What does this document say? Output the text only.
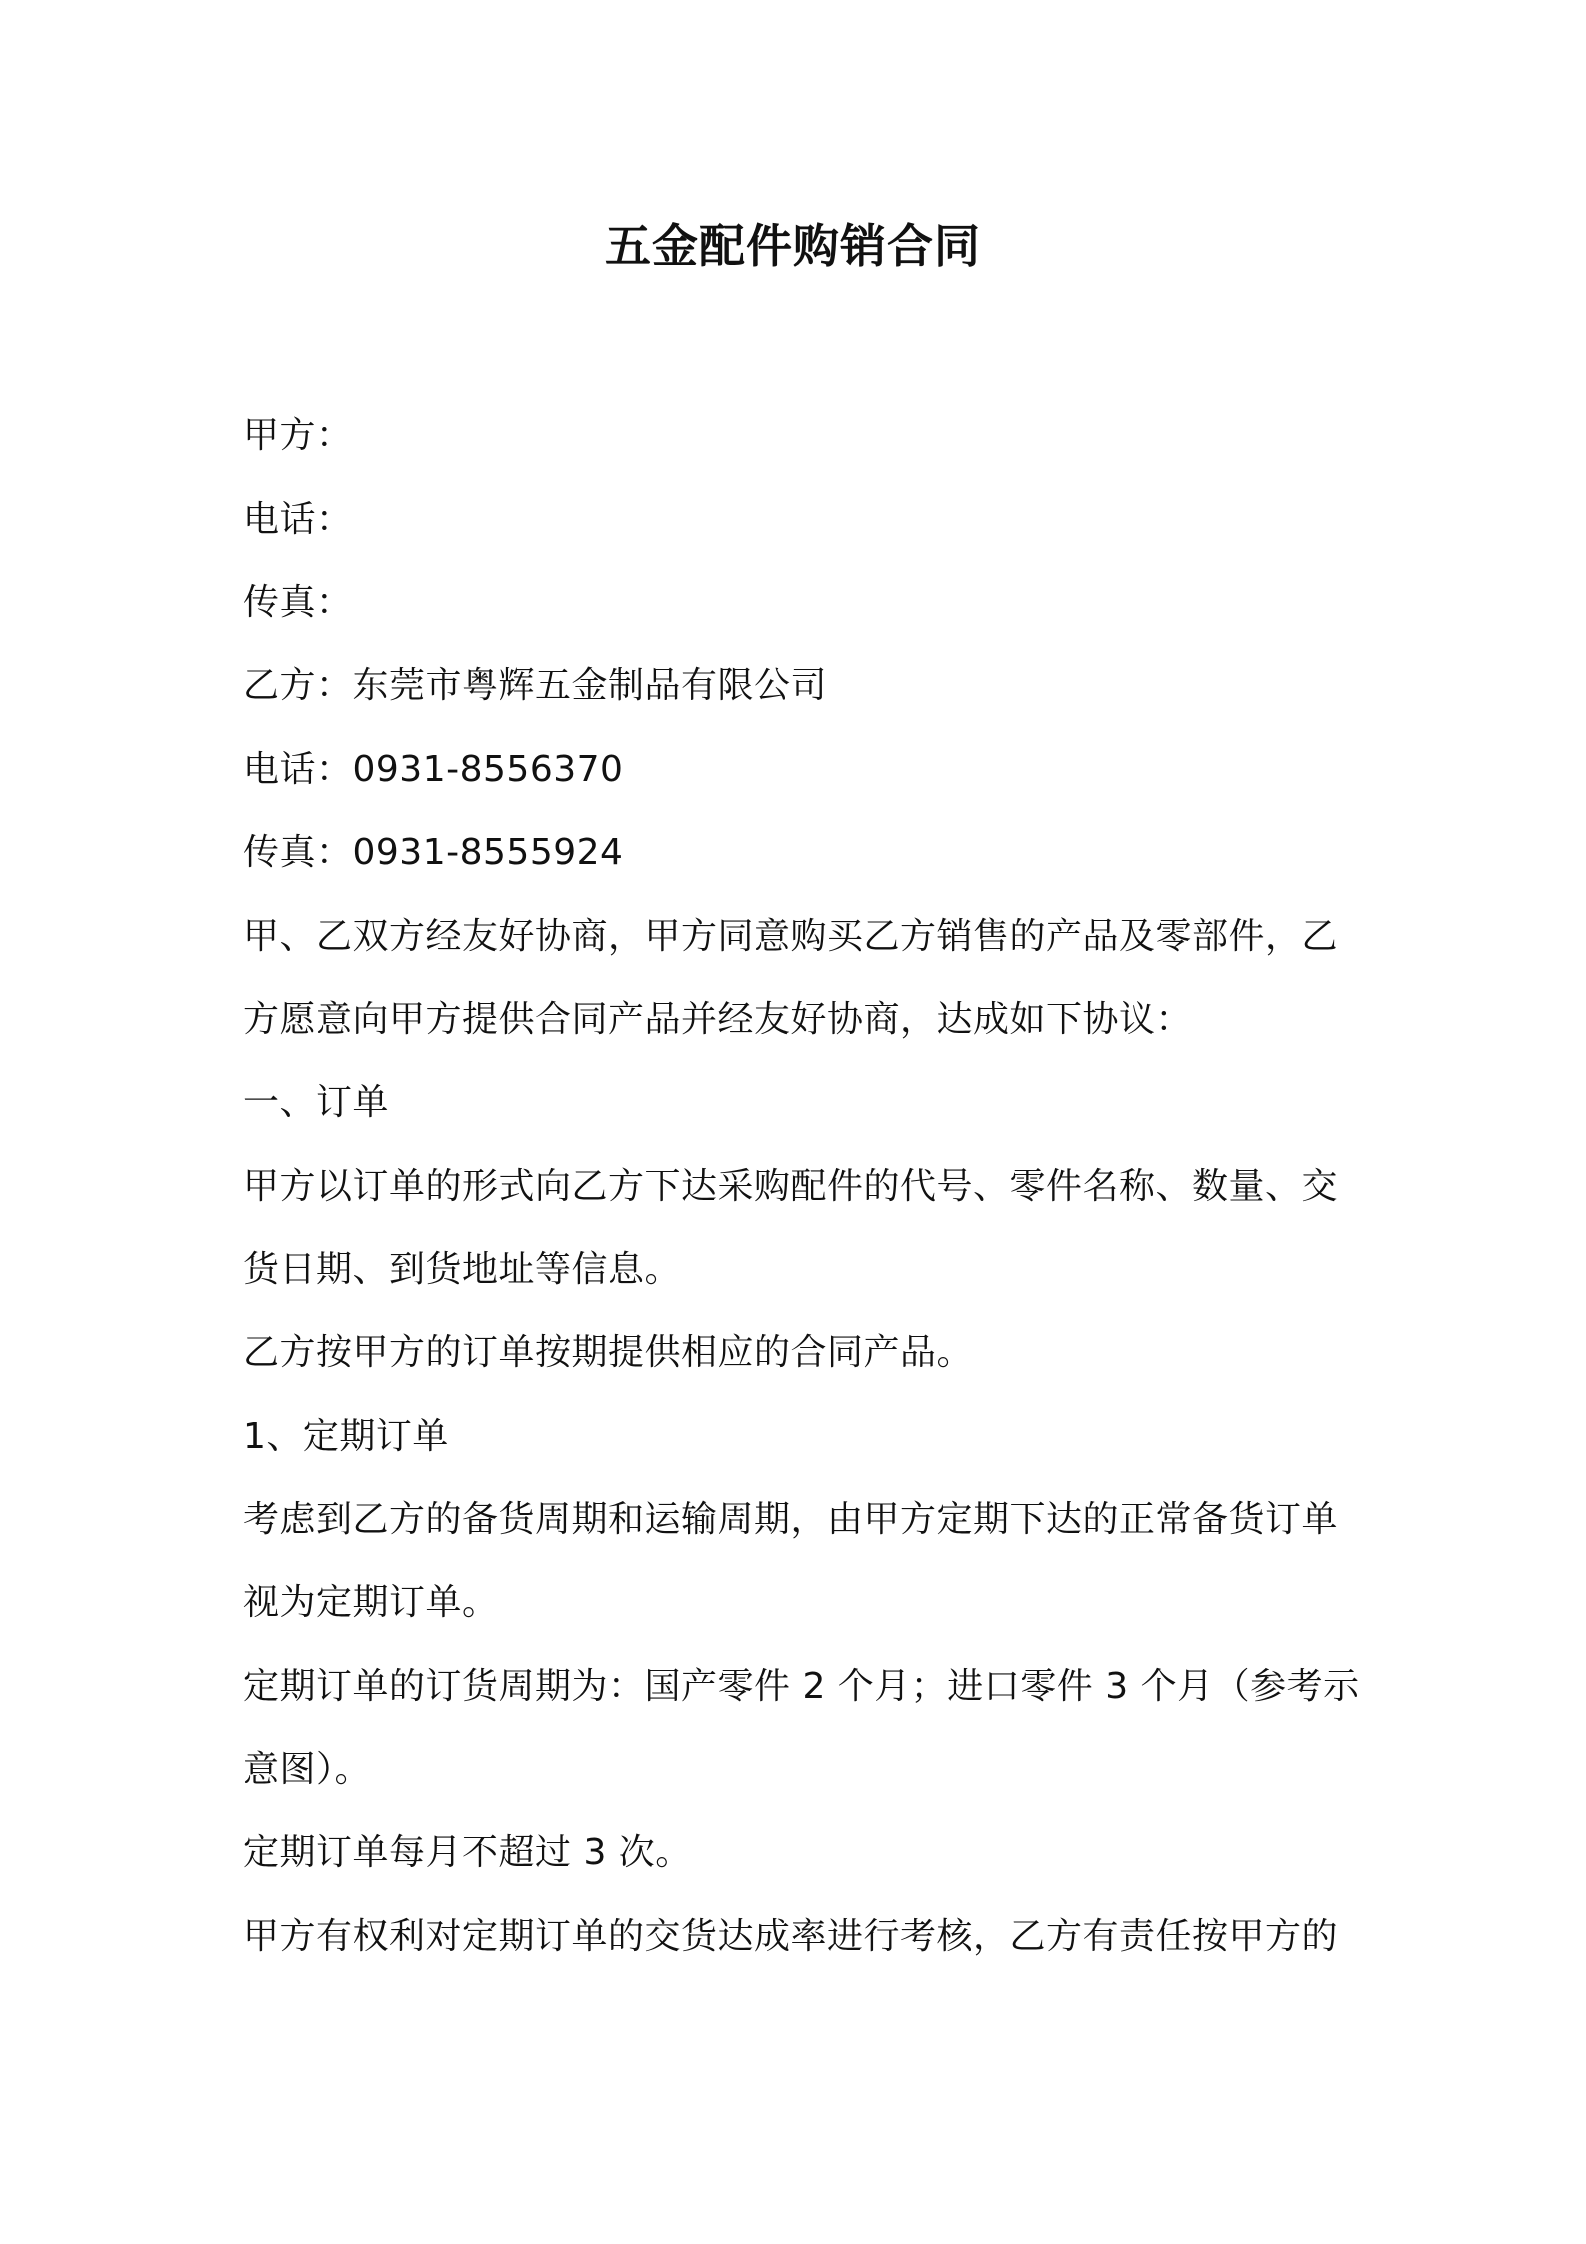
五金配件购销合同
甲方：
电话：
传真：
乙方：东莞市粤辉五金制品有限公司
电话：0931-8556370
传真：0931-8555924
甲、乙双方经友好协商，甲方同意购买乙方销售的产品及零部件，乙
方愿意向甲方提供合同产品并经友好协商，达成如下协议：
一、订单
甲方以订单的形式向乙方下达采购配件的代号、零件名称、数量、交
货日期、到货地址等信息。
乙方按甲方的订单按期提供相应的合同产品。
1、定期订单
考虑到乙方的备货周期和运输周期，由甲方定期下达的正常备货订单
视为定期订单。
定期订单的订货周期为：国产零件 2 个月；进口零件 3 个月（参考示
意图）。
定期订单每月不超过 3 次。
甲方有权利对定期订单的交货达成率进行考核，乙方有责任按甲方的
